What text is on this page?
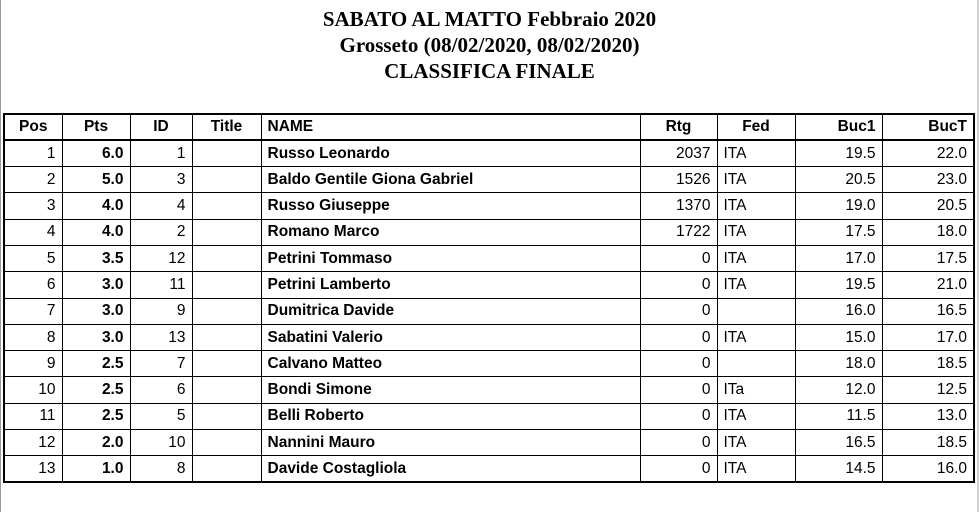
SABATO AL MATTO Febbraio 2020
Grosseto (08/02/2020, 08/02/2020)
CLASSIFICA FINALE
Pos	Pts	ID	Title	NAME	Rtg	Fed	Buc1	BucT
1	6.0	1		Russo Leonardo	2037	ITA	19.5	22.0
2	5.0	3		Baldo Gentile Giona Gabriel	1526	ITA	20.5	23.0
3	4.0	4		Russo Giuseppe	1370	ITA	19.0	20.5
4	4.0	2		Romano Marco	1722	ITA	17.5	18.0
5	3.5	12		Petrini Tommaso	0	ITA	17.0	17.5
6	3.0	11		Petrini Lamberto	0	ITA	19.5	21.0
7	3.0	9		Dumitrica Davide	0		16.0	16.5
8	3.0	13		Sabatini Valerio	0	ITA	15.0	17.0
9	2.5	7		Calvano Matteo	0		18.0	18.5
10	2.5	6		Bondi Simone	0	ITa	12.0	12.5
11	2.5	5		Belli Roberto	0	ITA	11.5	13.0
12	2.0	10		Nannini Mauro	0	ITA	16.5	18.5
13	1.0	8		Davide Costagliola	0	ITA	14.5	16.0
